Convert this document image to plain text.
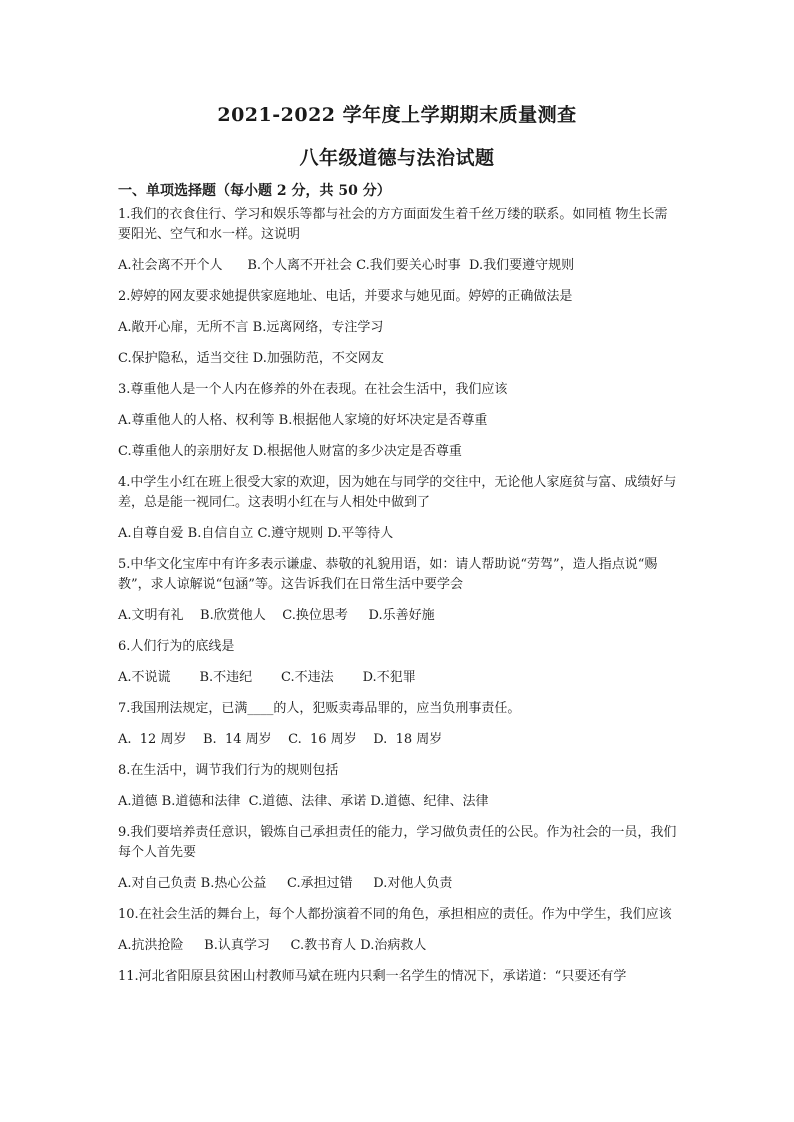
2021-2022 学年度上学期期末质量测查
八年级道德与法治试题
一、单项选择题（每小题 2 分，共 50 分）
1.我们的衣食住行、学习和娱乐等都与社会的方方面面发生着千丝万缕的联系。如同植 物生长需要阳光、空气和水一样。这说明
A.社会离不开个人      B.个人离不开社会 C.我们要关心时事  D.我们要遵守规则
2.婷婷的网友要求她提供家庭地址、电话，并要求与她见面。婷婷的正确做法是
A.敞开心扉，无所不言 B.远离网络，专注学习
C.保护隐私，适当交往 D.加强防范，不交网友
3.尊重他人是一个人内在修养的外在表现。在社会生活中，我们应该
A.尊重他人的人格、权利等 B.根据他人家境的好坏决定是否尊重
C.尊重他人的亲朋好友 D.根据他人财富的多少决定是否尊重
4.中学生小红在班上很受大家的欢迎，因为她在与同学的交往中，无论他人家庭贫与富、成绩好与差，总是能一视同仁。这表明小红在与人相处中做到了
A.自尊自爱 B.自信自立 C.遵守规则 D.平等待人
5.中华文化宝库中有许多表示谦虚、恭敬的礼貌用语，如：请人帮助说“劳驾”，造人指点说“赐教”，求人谅解说“包涵”等。这告诉我们在日常生活中要学会
A.文明有礼    B.欣赏他人    C.换位思考     D.乐善好施
6.人们行为的底线是
A.不说谎       B.不违纪       C.不违法       D.不犯罪
7.我国刑法规定，已满____的人，犯贩卖毒品罪的，应当负刑事责任。
A.  12 周岁    B.  14 周岁    C.  16 周岁    D.  18 周岁
8.在生活中，调节我们行为的规则包括
A.道德 B.道德和法律  C.道德、法律、承诺 D.道德、纪律、法律
9.我们要培养责任意识，锻炼自己承担责任的能力，学习做负责任的公民。作为社会的一员，我们每个人首先要
A.对自己负责 B.热心公益     C.承担过错     D.对他人负责
10.在社会生活的舞台上，每个人都扮演着不同的角色，承担相应的责任。作为中学生，我们应该
A.抗洪抢险     B.认真学习     C.教书育人 D.治病救人
11.河北省阳原县贫困山村教师马斌在班内只剩一名学生的情况下，承诺道：“只要还有学
